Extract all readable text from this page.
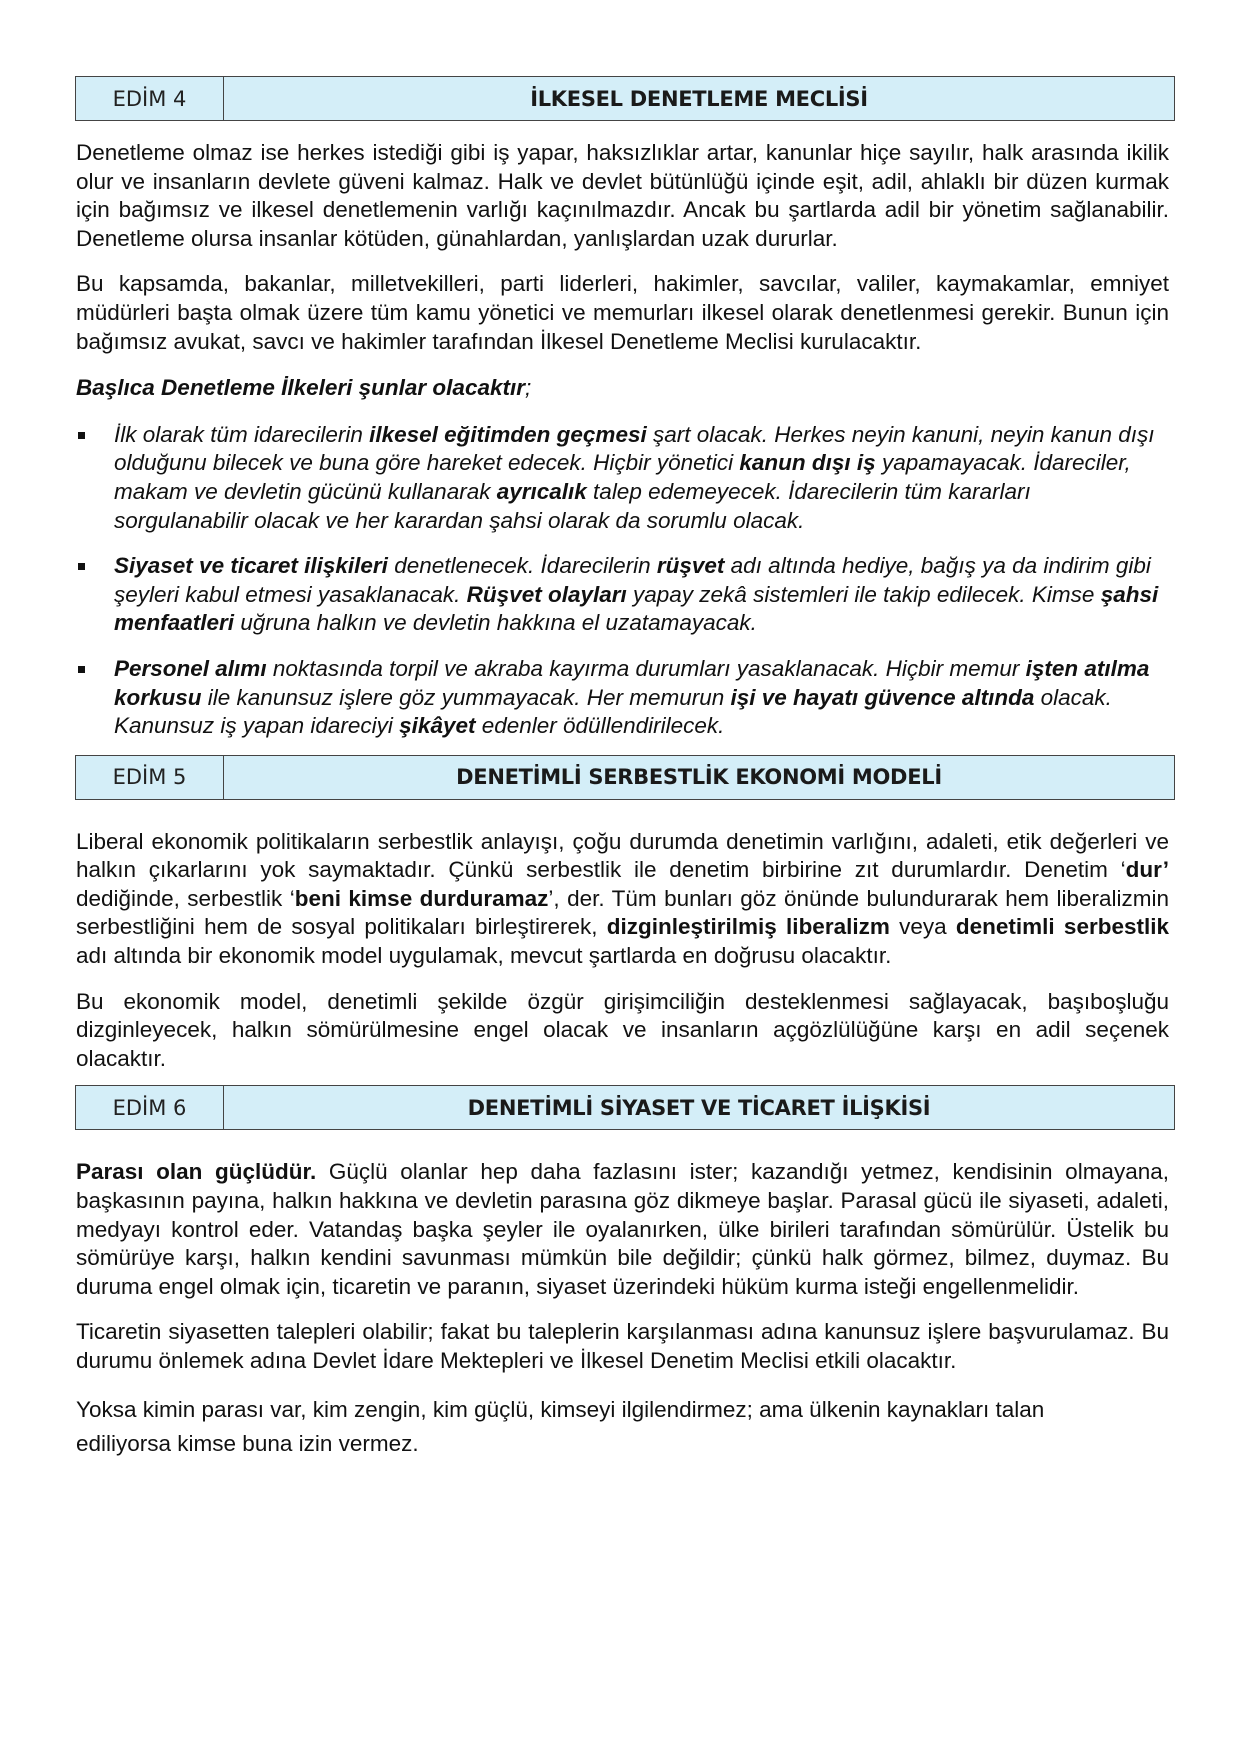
EDİM 4	İLKESEL DENETLEME MECLİSİ

Denetleme olmaz ise herkes istediği gibi iş yapar, haksızlıklar artar, kanunlar hiçe sayılır, halk arasında ikilik olur ve insanların devlete güveni kalmaz. Halk ve devlet bütünlüğü içinde eşit, adil, ahlaklı bir düzen kurmak için bağımsız ve ilkesel denetlemenin varlığı kaçınılmazdır. Ancak bu şartlarda adil bir yönetim sağlanabilir. Denetleme olursa insanlar kötüden, günahlardan, yanlışlardan uzak dururlar.

Bu kapsamda, bakanlar, milletvekilleri, parti liderleri, hakimler, savcılar, valiler, kaymakamlar, emniyet müdürleri başta olmak üzere tüm kamu yönetici ve memurları ilkesel olarak denetlenmesi gerekir. Bunun için bağımsız avukat, savcı ve hakimler tarafından İlkesel Denetleme Meclisi kurulacaktır.

Başlıca Denetleme İlkeleri şunlar olacaktır;

İlk olarak tüm idarecilerin ilkesel eğitimden geçmesi şart olacak. Herkes neyin kanuni, neyin kanun dışı olduğunu bilecek ve buna göre hareket edecek. Hiçbir yönetici kanun dışı iş yapamayacak. İdareciler, makam ve devletin gücünü kullanarak ayrıcalık talep edemeyecek. İdarecilerin tüm kararları sorgulanabilir olacak ve her karardan şahsi olarak da sorumlu olacak.
Siyaset ve ticaret ilişkileri denetlenecek. İdarecilerin rüşvet adı altında hediye, bağış ya da indirim gibi şeyleri kabul etmesi yasaklanacak. Rüşvet olayları yapay zekâ sistemleri ile takip edilecek. Kimse şahsi menfaatleri uğruna halkın ve devletin hakkına el uzatamayacak.
Personel alımı noktasında torpil ve akraba kayırma durumları yasaklanacak. Hiçbir memur işten atılma korkusu ile kanunsuz işlere göz yummayacak. Her memurun işi ve hayatı güvence altında olacak. Kanunsuz iş yapan idareciyi şikâyet edenler ödüllendirilecek.
EDİM 5	DENETİMLİ SERBESTLİK EKONOMİ MODELİ

Liberal ekonomik politikaların serbestlik anlayışı, çoğu durumda denetimin varlığını, adaleti, etik değerleri ve halkın çıkarlarını yok saymaktadır. Çünkü serbestlik ile denetim birbirine zıt durumlardır. Denetim ‘dur’ dediğinde, serbestlik ‘beni kimse durduramaz’, der. Tüm bunları göz önünde bulundurarak hem liberalizmin serbestliğini hem de sosyal politikaları birleştirerek, dizginleştirilmiş liberalizm veya denetimli serbestlik adı altında bir ekonomik model uygulamak, mevcut şartlarda en doğrusu olacaktır.

Bu ekonomik model, denetimli şekilde özgür girişimciliğin desteklenmesi sağlayacak, başıboşluğu dizginleyecek, halkın sömürülmesine engel olacak ve insanların açgözlülüğüne karşı en adil seçenek olacaktır.

EDİM 6	DENETİMLİ SİYASET VE TİCARET İLİŞKİSİ

Parası olan güçlüdür. Güçlü olanlar hep daha fazlasını ister; kazandığı yetmez, kendisinin olmayana, başkasının payına, halkın hakkına ve devletin parasına göz dikmeye başlar. Parasal gücü ile siyaseti, adaleti, medyayı kontrol eder. Vatandaş başka şeyler ile oyalanırken, ülke birileri tarafından sömürülür. Üstelik bu sömürüye karşı, halkın kendini savunması mümkün bile değildir; çünkü halk görmez, bilmez, duymaz. Bu duruma engel olmak için, ticaretin ve paranın, siyaset üzerindeki hüküm kurma isteği engellenmelidir.

Ticaretin siyasetten talepleri olabilir; fakat bu taleplerin karşılanması adına kanunsuz işlere başvurulamaz. Bu durumu önlemek adına Devlet İdare Mektepleri ve İlkesel Denetim Meclisi etkili olacaktır.

Yoksa kimin parası var, kim zengin, kim güçlü, kimseyi ilgilendirmez; ama ülkenin kaynakları talan
ediliyorsa kimse buna izin vermez.
